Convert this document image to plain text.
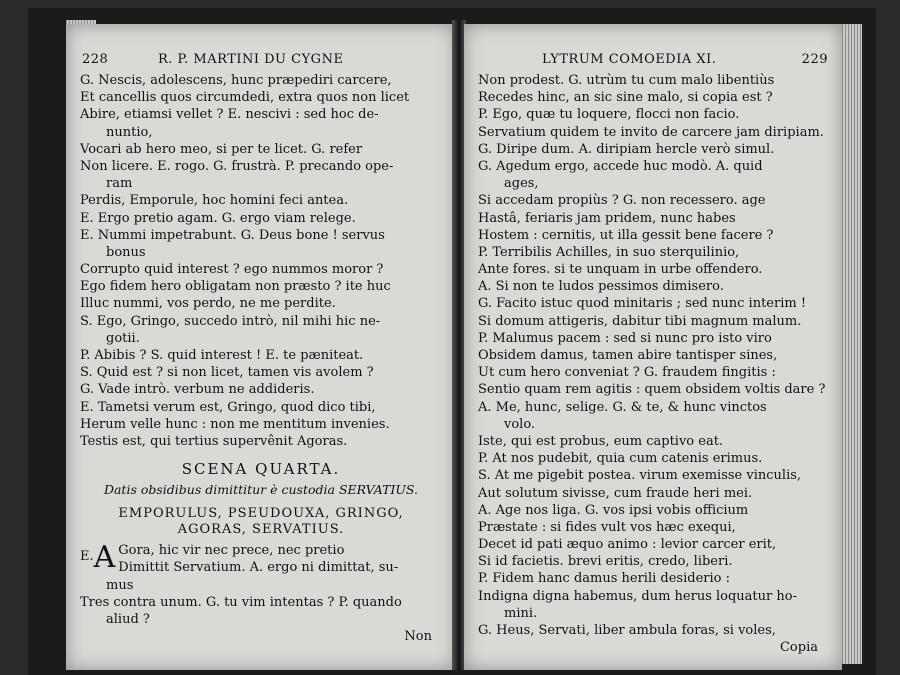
228	R. P. MARTINI DU CYGNE
G. Nescis, adolescens, hunc præpediri carcere,
Et cancellis quos circumdedi, extra quos non licet
Abire, etiamsi vellet ? E. nescivi : sed hoc de-
nuntio,
Vocari ab hero meo, si per te licet. G. refer
Non licere. E. rogo. G. frustrà. P. precando ope-
ram
Perdis, Emporule, hoc homini feci antea.
E. Ergo pretio agam. G. ergo viam relege.
E. Nummi impetrabunt. G. Deus bone ! servus
bonus
Corrupto quid interest ? ego nummos moror ?
Ego fidem hero obligatam non præsto ? ite huc
Illuc nummi, vos perdo, ne me perdite.
S. Ego, Gringo, succedo intrò, nil mihi hic ne-
gotii.
P. Abibis ? S. quid interest ! E. te pæniteat.
S. Quid est ? si non licet, tamen vis avolem ?
G. Vade intrò. verbum ne addideris.
E. Tametsi verum est, Gringo, quod dico tibi,
Herum velle hunc : non me mentitum invenies.
Testis est, qui tertius supervênit Agoras.
SCENA QUARTA.
Datis obsidibus dimittitur è custodia SERVATIUS.
EMPORULUS, PSEUDOUXA, GRINGO,
AGORAS, SERVATIUS.
E. A Gora, hic vir nec prece, nec pretio
Dimittit Servatium. A. ergo ni dimittat, su-
mus
Tres contra unum. G. tu vim intentas ? P. quando
aliud ?
Non
LYTRUM COMOEDIA XI.	229
Non prodest. G. utrùm tu cum malo libentiùs
Recedes hinc, an sic sine malo, si copia est ?
P. Ego, quæ tu loquere, flocci non facio.
Servatium quidem te invito de carcere jam diripiam.
G. Diripe dum. A. diripiam hercle verò simul.
G. Agedum ergo, accede huc modò. A. quid
ages,
Si accedam propiùs ? G. non recessero. age
Hastâ, feriaris jam pridem, nunc habes
Hostem : cernitis, ut illa gessit bene facere ?
P. Terribilis Achilles, in suo sterquilinio,
Ante fores. si te unquam in urbe offendero.
A. Si non te ludos pessimos dimisero.
G. Facito istuc quod minitaris ; sed nunc interim !
Si domum attigeris, dabitur tibi magnum malum.
P. Malumus pacem : sed si nunc pro isto viro
Obsidem damus, tamen abire tantisper sines,
Ut cum hero conveniat ? G. fraudem fingitis :
Sentio quam rem agitis : quem obsidem voltis dare ?
A. Me, hunc, selige. G. & te, & hunc vinctos
volo.
Iste, qui est probus, eum captivo eat.
P. At nos pudebit, quia cum catenis erimus.
S. At me pigebit postea. virum exemisse vinculis,
Aut solutum sivisse, cum fraude heri mei.
A. Age nos liga. G. vos ipsi vobis officium
Præstate : si fides vult vos hæc exequi,
Decet id pati æquo animo : levior carcer erit,
Si id facietis. brevi eritis, credo, liberi.
P. Fidem hanc damus herili desiderio :
Indigna digna habemus, dum herus loquatur ho-
mini.
G. Heus, Servati, liber ambula foras, si voles,
Copia
